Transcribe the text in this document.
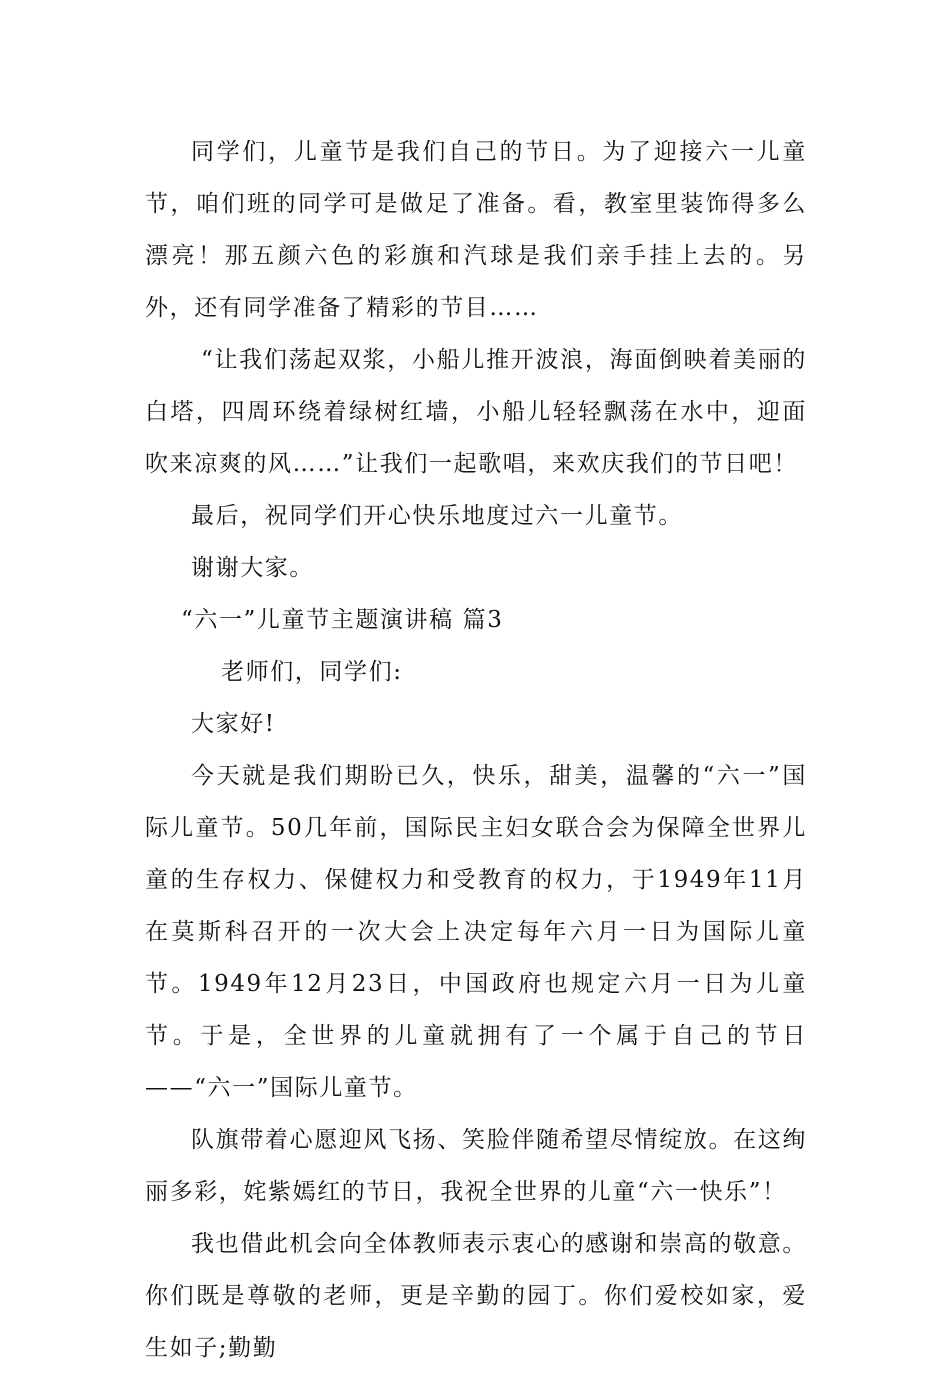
同学们，儿童节是我们自己的节日。为了迎接六一儿童节，咱们班的同学可是做足了准备。看，教室里装饰得多么漂亮！那五颜六色的彩旗和汽球是我们亲手挂上去的。另外，还有同学准备了精彩的节目……

“让我们荡起双浆，小船儿推开波浪，海面倒映着美丽的白塔，四周环绕着绿树红墙，小船儿轻轻飘荡在水中，迎面吹来凉爽的风……”让我们一起歌唱，来欢庆我们的节日吧！

最后，祝同学们开心快乐地度过六一儿童节。

谢谢大家。

“六一”儿童节主题演讲稿 篇3

老师们，同学们:

大家好!

今天就是我们期盼已久，快乐，甜美，温馨的“六一”国际儿童节。50几年前，国际民主妇女联合会为保障全世界儿童的生存权力、保健权力和受教育的权力，于1949年11月在莫斯科召开的一次大会上决定每年六月一日为国际儿童节。1949年12月23日，中国政府也规定六月一日为儿童节。于是，全世界的儿童就拥有了一个属于自己的节日——“六一”国际儿童节。

队旗带着心愿迎风飞扬、笑脸伴随希望尽情绽放。在这绚丽多彩，姹紫嫣红的节日，我祝全世界的儿童“六一快乐”！

我也借此机会向全体教师表示衷心的感谢和崇高的敬意。你们既是尊敬的老师，更是辛勤的园丁。你们爱校如家，爱生如子;勤勤
